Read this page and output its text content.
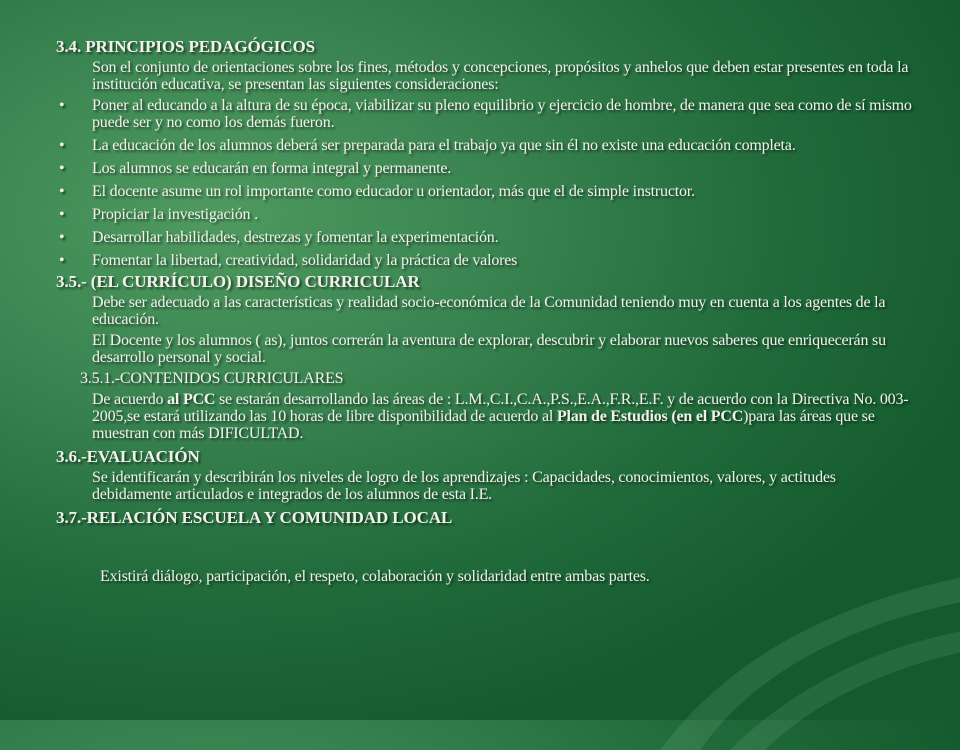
3.4. PRINCIPIOS PEDAGÓGICOS

Son el conjunto de orientaciones sobre los fines, métodos y concepciones, propósitos y anhelos que deben estar presentes en toda la institución educativa, se presentan las siguientes consideraciones:

• Poner al educando a la altura de su época, viabilizar su pleno equilibrio y ejercicio de hombre, de manera que sea como de sí mismo puede ser y no como los demás fueron.
• La educación de los alumnos deberá ser preparada para el trabajo ya que sin él no existe una educación completa.
• Los alumnos se educarán en forma integral y permanente.
• El docente asume un rol importante como educador u orientador, más que el de simple instructor.
• Propiciar la investigación .
• Desarrollar habilidades, destrezas y fomentar la experimentación.
• Fomentar la libertad, creatividad, solidaridad y la práctica de valores
3.5.- (EL CURRÍCULO) DISEÑO CURRICULAR

Debe ser adecuado a las características y realidad socio-económica de la Comunidad teniendo muy en cuenta a los agentes de la educación.

El Docente y los alumnos ( as), juntos correrán la aventura de explorar, descubrir y elaborar nuevos saberes que enriquecerán su desarrollo personal y social.

3.5.1.-CONTENIDOS CURRICULARES

De acuerdo al PCC se estarán desarrollando las áreas de : L.M.,C.I.,C.A.,P.S.,E.A.,F.R.,E.F. y de acuerdo con la Directiva No. 003-2005,se estará utilizando las 10 horas de libre disponibilidad de acuerdo al Plan de Estudios (en el PCC)para las áreas que se muestran con más DIFICULTAD.

3.6.-EVALUACIÓN

Se identificarán y describirán los niveles de logro de los aprendizajes : Capacidades, conocimientos, valores, y actitudes debidamente articulados e integrados de los alumnos de esta I.E.

3.7.-RELACIÓN ESCUELA Y COMUNIDAD LOCAL

Existirá diálogo, participación, el respeto, colaboración y solidaridad entre ambas partes.
